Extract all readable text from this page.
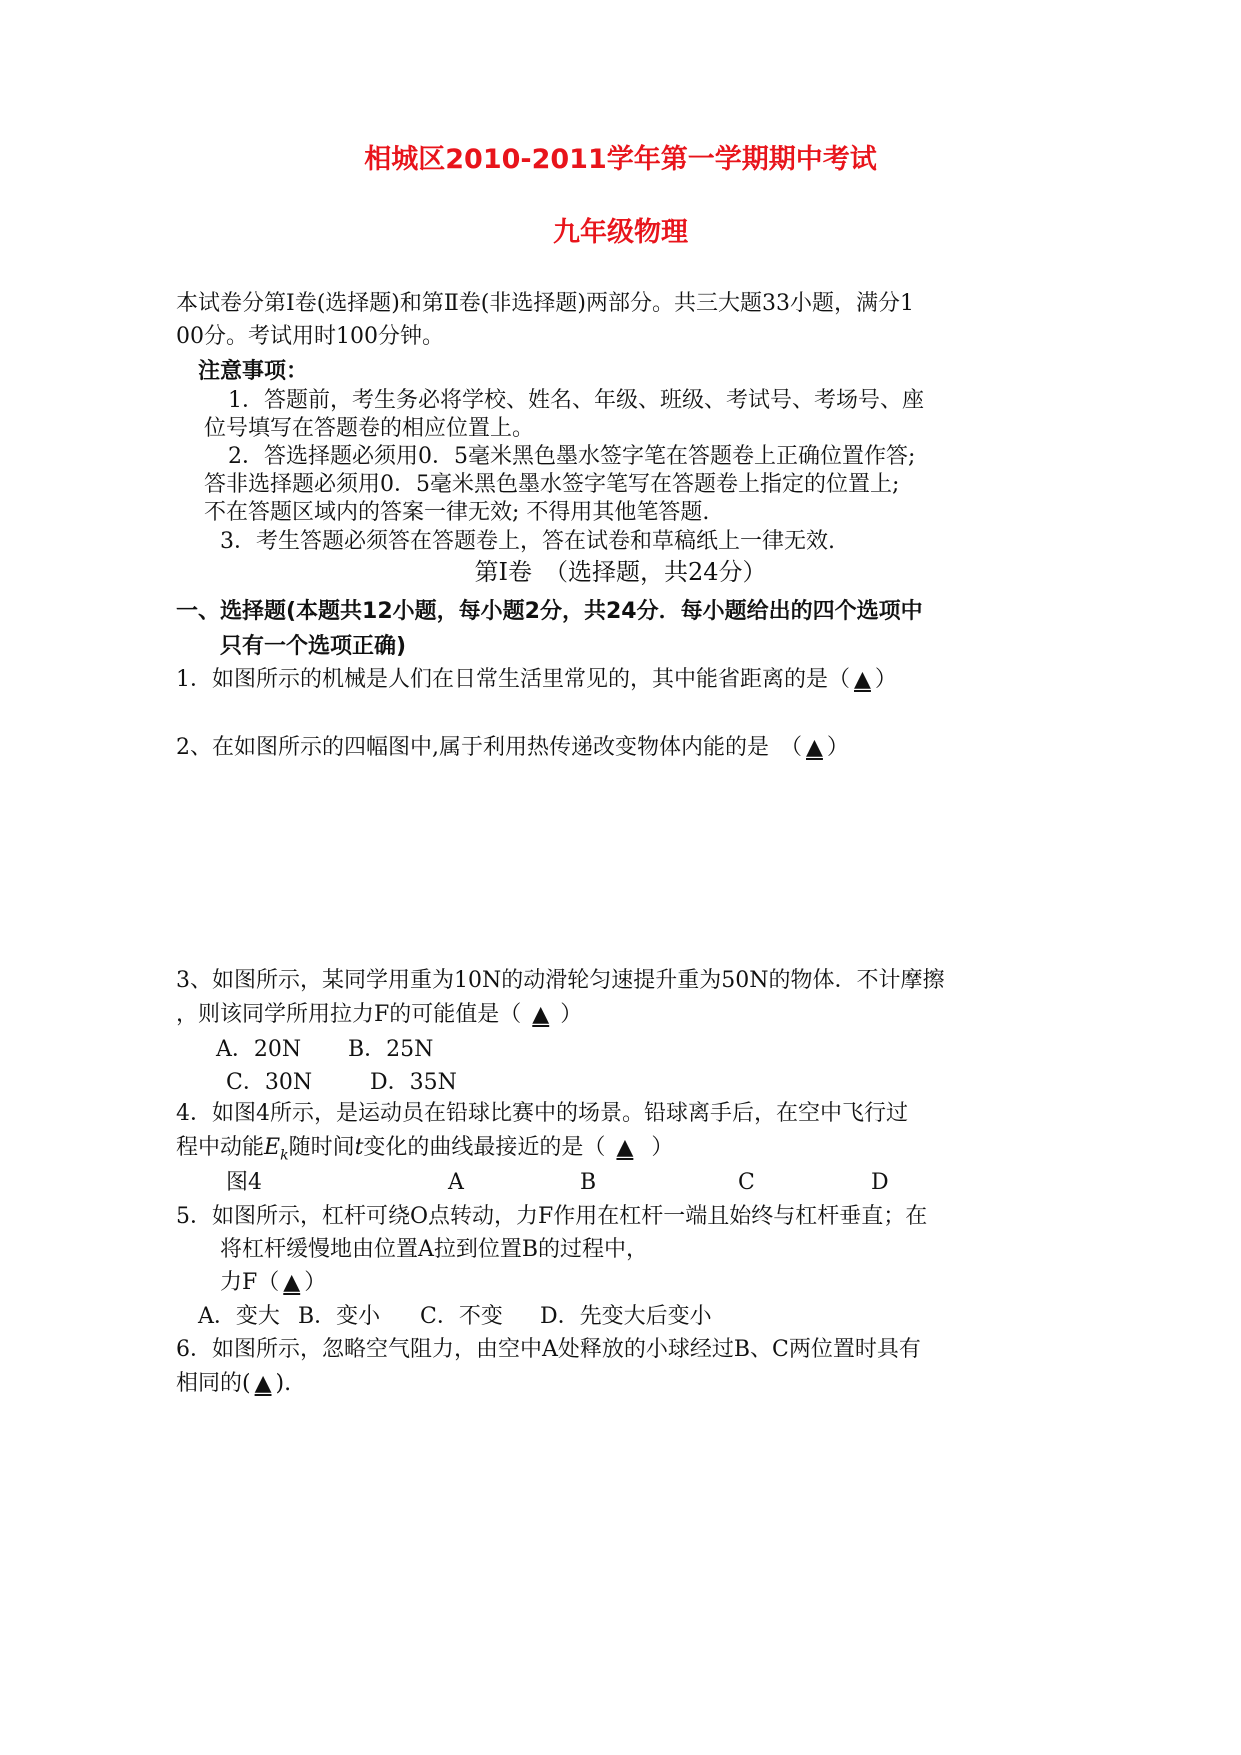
相城区2010-2011学年第一学期期中考试
九年级物理
本试卷分第Ⅰ卷(选择题)和第Ⅱ卷(非选择题)两部分。共三大题33小题，满分1
00分。考试用时100分钟。
注意事项：
1．答题前，考生务必将学校、姓名、年级、班级、考试号、考场号、座
位号填写在答题卷的相应位置上。
2．答选择题必须用0．5毫米黑色墨水签字笔在答题卷上正确位置作答;
答非选择题必须用0．5毫米黑色墨水签字笔写在答题卷上指定的位置上;
不在答题区域内的答案一律无效; 不得用其他笔答题.
3．考生答题必须答在答题卷上，答在试卷和草稿纸上一律无效.
第Ⅰ卷　（选择题，共24分）
一、选择题(本题共12小题，每小题2分，共24分．每小题给出的四个选项中
只有一个选项正确)
1．如图所示的机械是人们在日常生活里常见的，其中能省距离的是（ ▲ ）
2、在如图所示的四幅图中,属于利用热传递改变物体内能的是　（ ▲ ）
3、如图所示，某同学用重为10N的动滑轮匀速提升重为50N的物体．不计摩擦
，则该同学所用拉力F的可能值是（ ▲ ）
A．20N B．25N
C．30N	D．35N
4．如图4所示，是运动员在铅球比赛中的场景。铅球离手后，在空中飞行过
程中动能$E_k$随时间t变化的曲线最接近的是（ ▲ ）
图4	A	B	C	D
5．如图所示，杠杆可绕O点转动，力F作用在杠杆一端且始终与杠杆垂直；在
将杠杆缓慢地由位置A拉到位置B的过程中，
力F（ ▲ ）
A．变大 B．变小 C．不变 D．先变大后变小
6．如图所示，忽略空气阻力，由空中A处释放的小球经过B、C两位置时具有
相同的( ▲ ).
